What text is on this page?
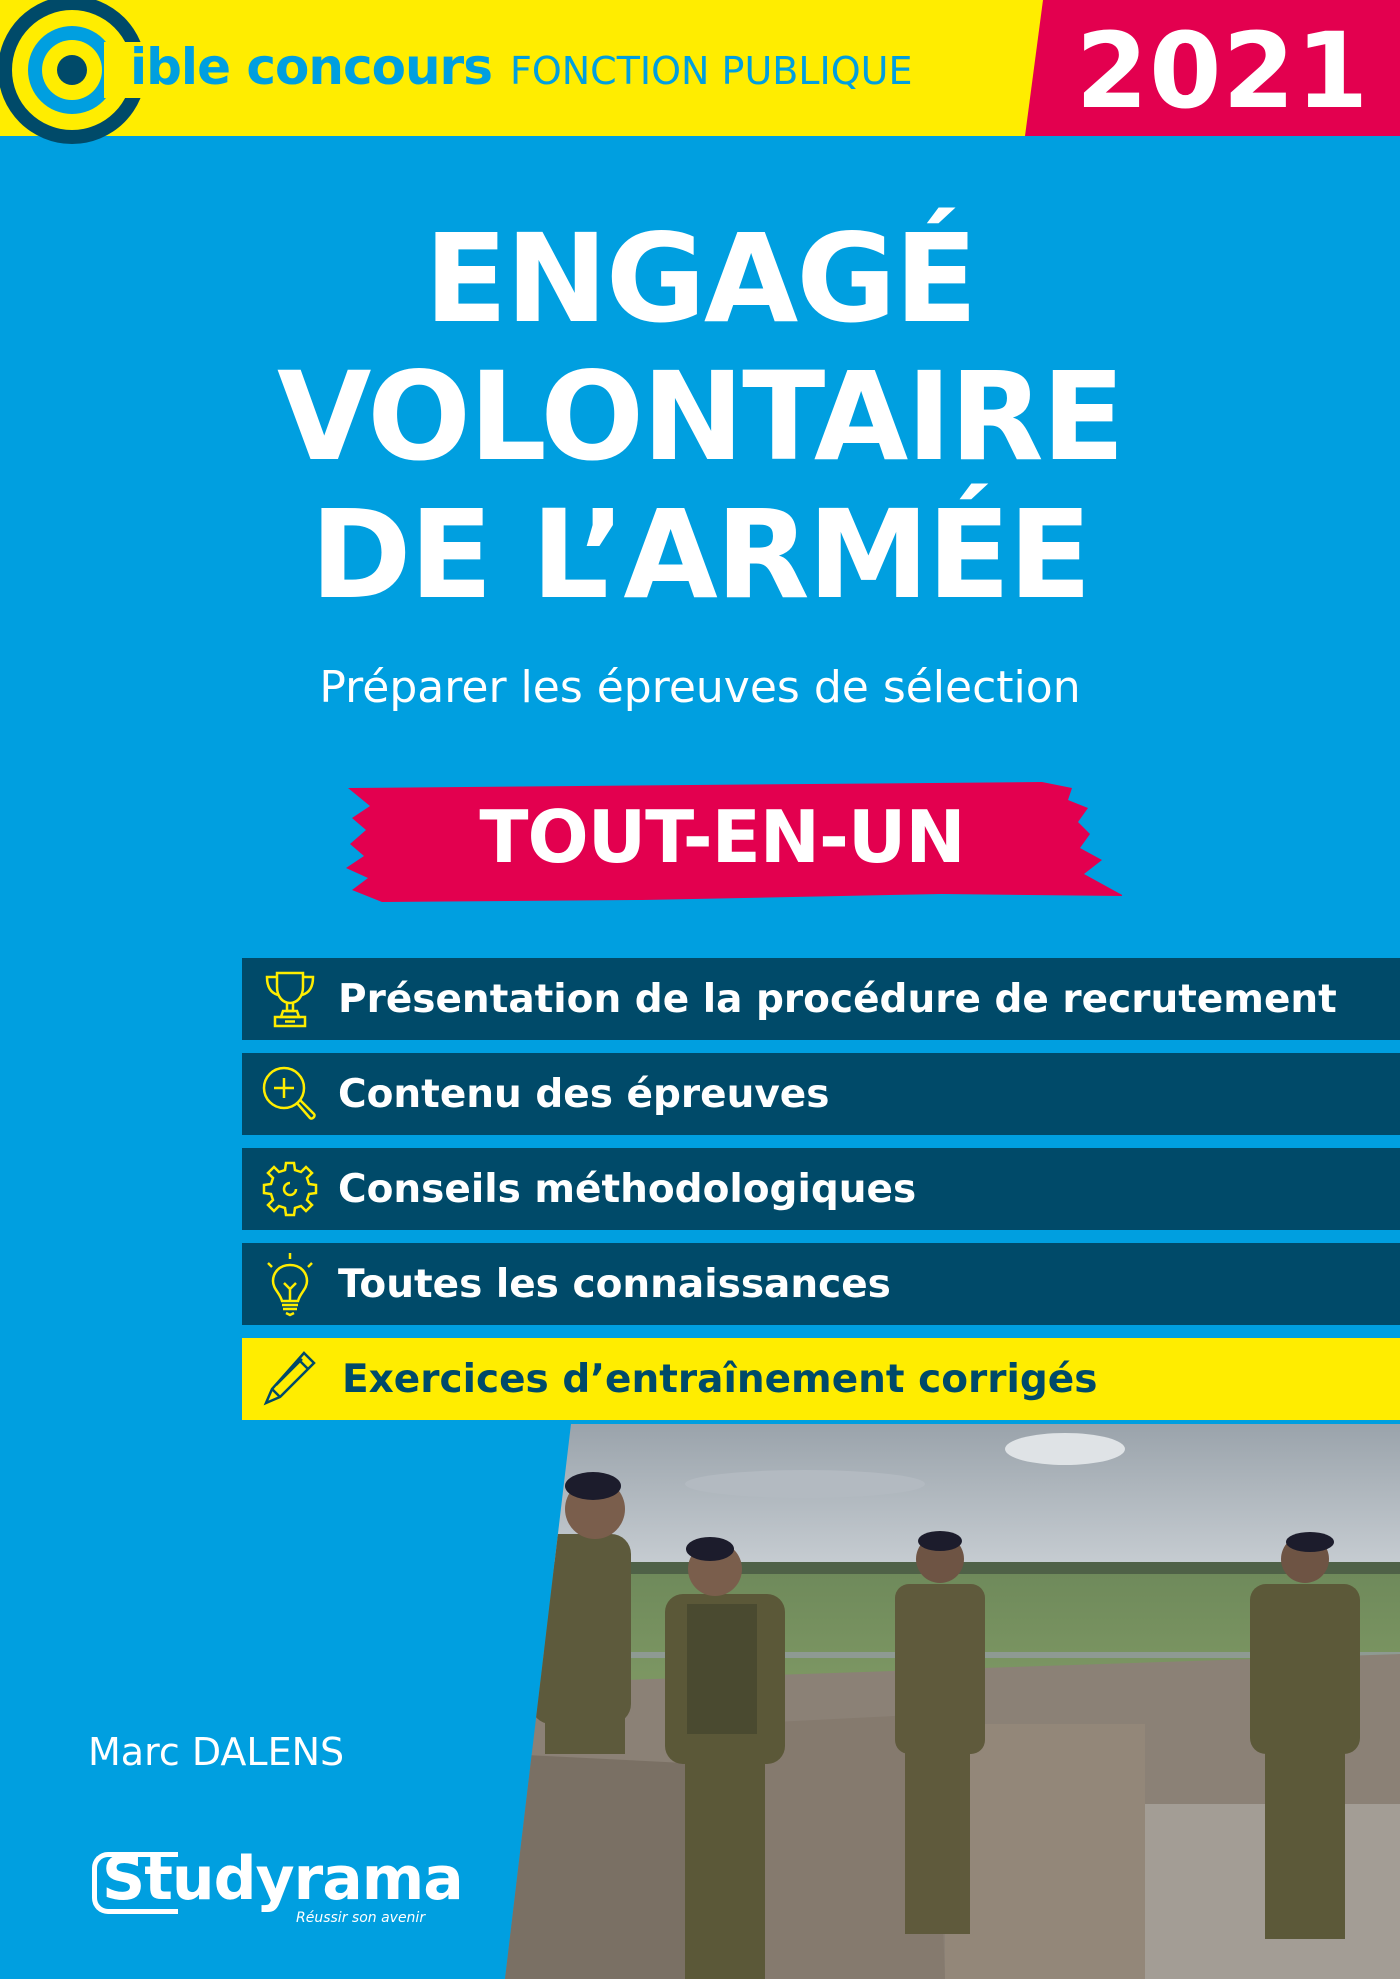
2021
ible concours FONCTION PUBLIQUE
ENGAGÉ
VOLONTAIRE
DE L’ARMÉE
Préparer les épreuves de sélection
TOUT-EN-UN
Présentation de la procédure de recrutement
Contenu des épreuves
Conseils méthodologiques
Toutes les connaissances
Exercices d’entraînement corrigés
Marc DALENS
Studyrama
Réussir son avenir
